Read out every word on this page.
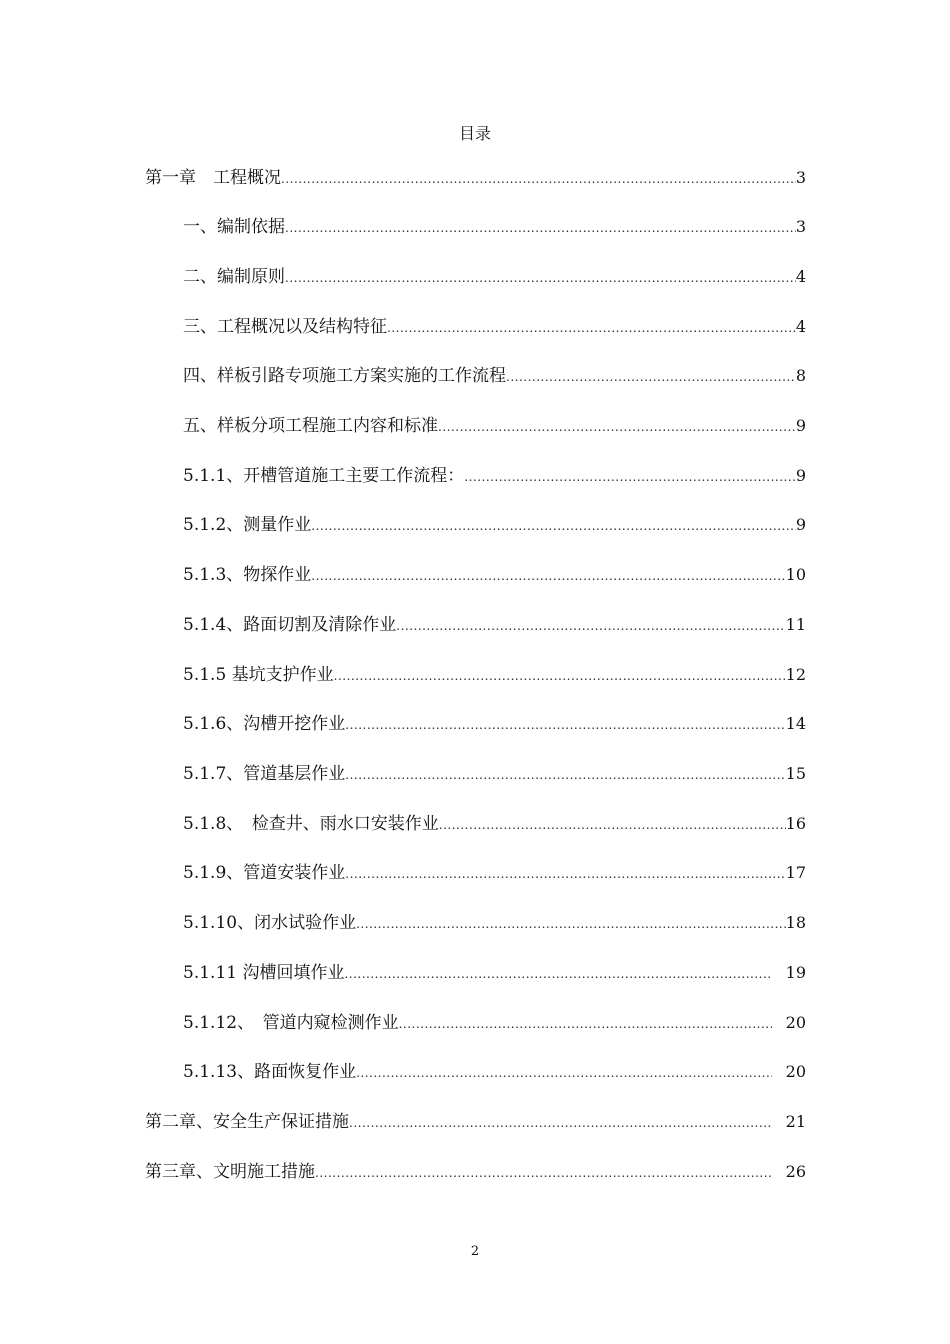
目录
第一章　工程概况 .....	3
一、编制依据 .....	3
二、编制原则 .....	4
三、工程概况以及结构特征 .....	4
四、样板引路专项施工方案实施的工作流程 .....	8
五、样板分项工程施工内容和标准 .....	9
5.1.1、开槽管道施工主要工作流程： .....	9
5.1.2、测量作业 .....	9
5.1.3、物探作业 .....	10
5.1.4、路面切割及清除作业 .....	11
5.1.5 基坑支护作业 .....	12
5.1.6、沟槽开挖作业 .....	14
5.1.7、管道基层作业 .....	15
5.1.8、　检查井、雨水口安装作业 .....	16
5.1.9、管道安装作业 .....	17
5.1.10、闭水试验作业 .....	18
5.1.11 沟槽回填作业 .....	19
5.1.12、　管道内窥检测作业 .....	20
5.1.13、路面恢复作业 .....	20
第二章、安全生产保证措施 .....	21
第三章、文明施工措施 .....	26
2
